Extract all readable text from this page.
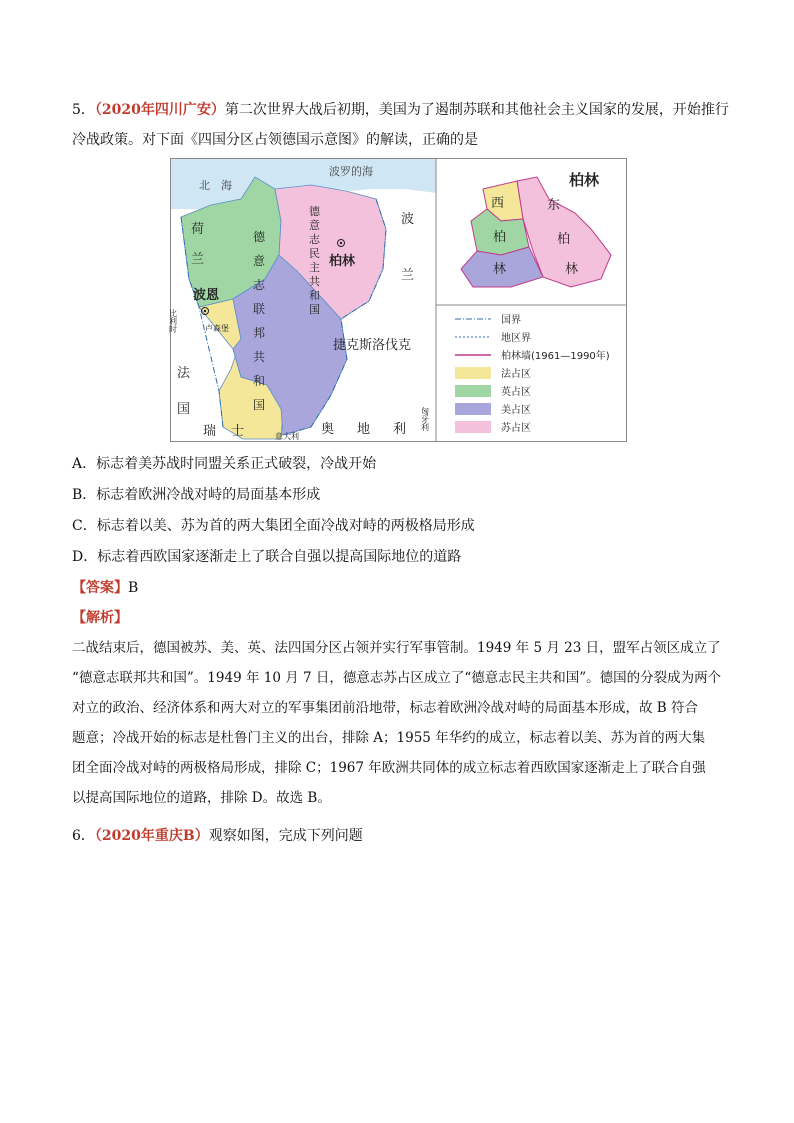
5．（2020年四川广安）第二次世界大战后初期，美国为了遏制苏联和其他社会主义国家的发展，开始推行
冷战政策。对下面《四国分区占领德国示意图》的解读，正确的是
北　海
波罗的海
荷
兰
比利时	卢森堡
法
国
瑞 士	意大利 奥 地 利 匈牙利
捷克斯洛伐克
波
兰
波恩
柏林
德
意
志
联
邦
共
和
国
德
意
志
民
主
共
和
国
柏林
西
柏
林
东
柏
林
国界
地区界
柏林墙(1961—1990年)
法占区
英占区
美占区
苏占区
A．标志着美苏战时同盟关系正式破裂，冷战开始
B．标志着欧洲冷战对峙的局面基本形成
C．标志着以美、苏为首的两大集团全面冷战对峙的两极格局形成
D．标志着西欧国家逐渐走上了联合自强以提高国际地位的道路
【答案】B
【解析】
二战结束后，德国被苏、美、英、法四国分区占领并实行军事管制。1949 年 5 月 23 日，盟军占领区成立了
“德意志联邦共和国”。1949 年 10 月 7 日，德意志苏占区成立了“德意志民主共和国”。德国的分裂成为两个
对立的政治、经济体系和两大对立的军事集团前沿地带，标志着欧洲冷战对峙的局面基本形成，故 B 符合
题意；冷战开始的标志是杜鲁门主义的出台，排除 A；1955 年华约的成立，标志着以美、苏为首的两大集
团全面冷战对峙的两极格局形成，排除 C；1967 年欧洲共同体的成立标志着西欧国家逐渐走上了联合自强
以提高国际地位的道路，排除 D。故选 B。
6．（2020年重庆B）观察如图，完成下列问题
